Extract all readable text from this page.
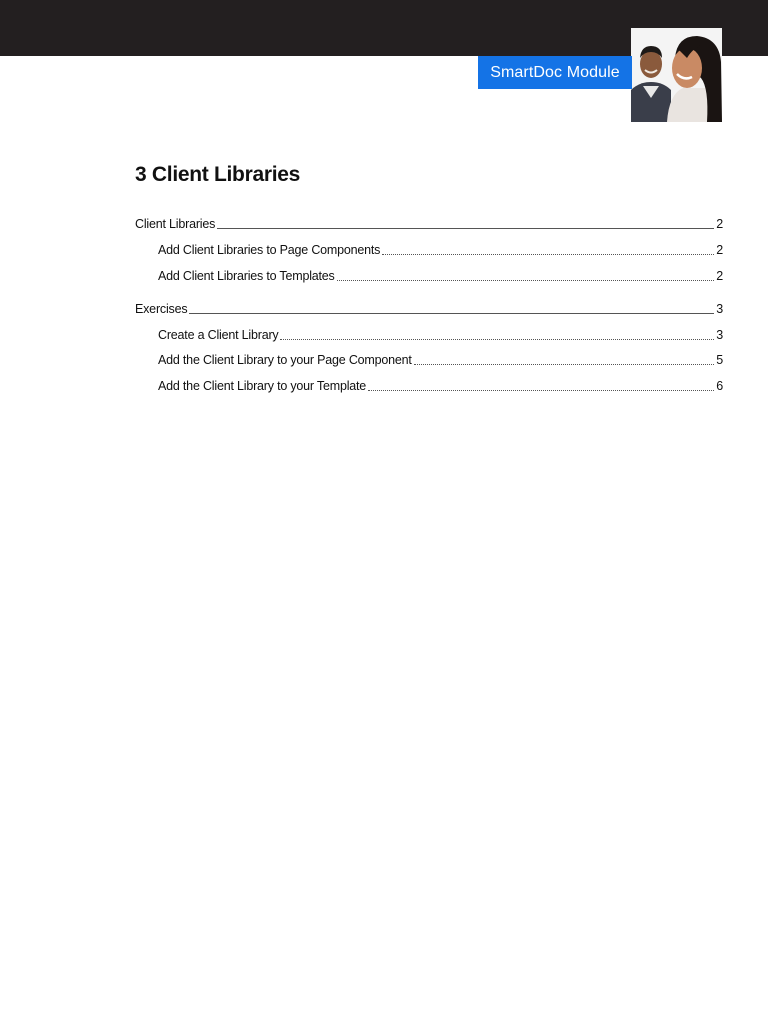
SmartDoc Module
3 Client Libraries
Client Libraries	2
Add Client Libraries to Page Components	2
Add Client Libraries to Templates	2
Exercises	3
Create a Client Library	3
Add the Client Library to your Page Component	5
Add the Client Library to your Template	6
